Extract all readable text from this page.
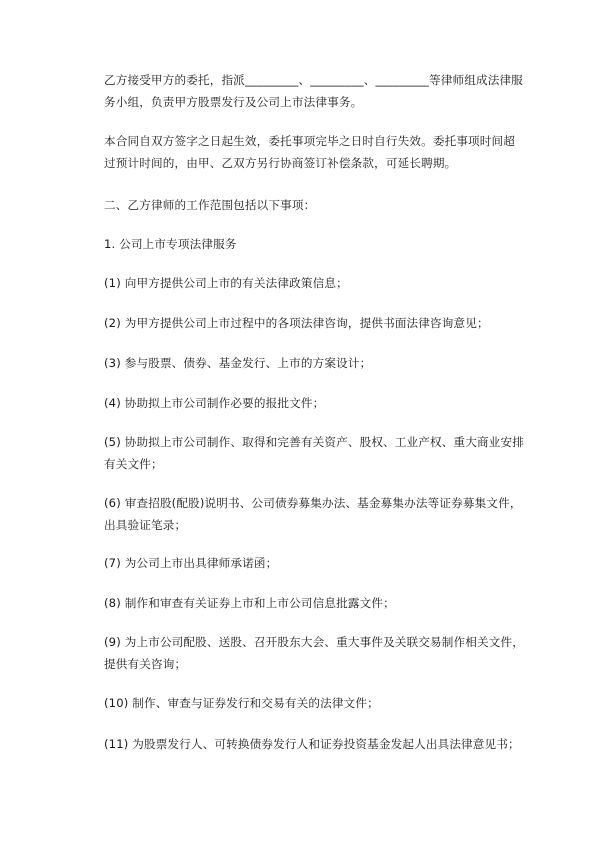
乙方接受甲方的委托，指派_________、_________、_________等律师组成法律服务小组，负责甲方股票发行及公司上市法律事务。

本合同自双方签字之日起生效，委托事项完毕之日时自行失效。委托事项时间超过预计时间的，由甲、乙双方另行协商签订补偿条款，可延长聘期。

二、乙方律师的工作范围包括以下事项：

1. 公司上市专项法律服务

(1) 向甲方提供公司上市的有关法律政策信息；

(2) 为甲方提供公司上市过程中的各项法律咨询，提供书面法律咨询意见；

(3) 参与股票、债券、基金发行、上市的方案设计；

(4) 协助拟上市公司制作必要的报批文件；

(5) 协助拟上市公司制作、取得和完善有关资产、股权、工业产权、重大商业安排有关文件；

(6) 审查招股(配股)说明书、公司债券募集办法、基金募集办法等证券募集文件，出具验证笔录；

(7) 为公司上市出具律师承诺函；

(8) 制作和审查有关证券上市和上市公司信息批露文件；

(9) 为上市公司配股、送股、召开股东大会、重大事件及关联交易制作相关文件，提供有关咨询；

(10) 制作、审查与证券发行和交易有关的法律文件；

(11) 为股票发行人、可转换债券发行人和证券投资基金发起人出具法律意见书；
